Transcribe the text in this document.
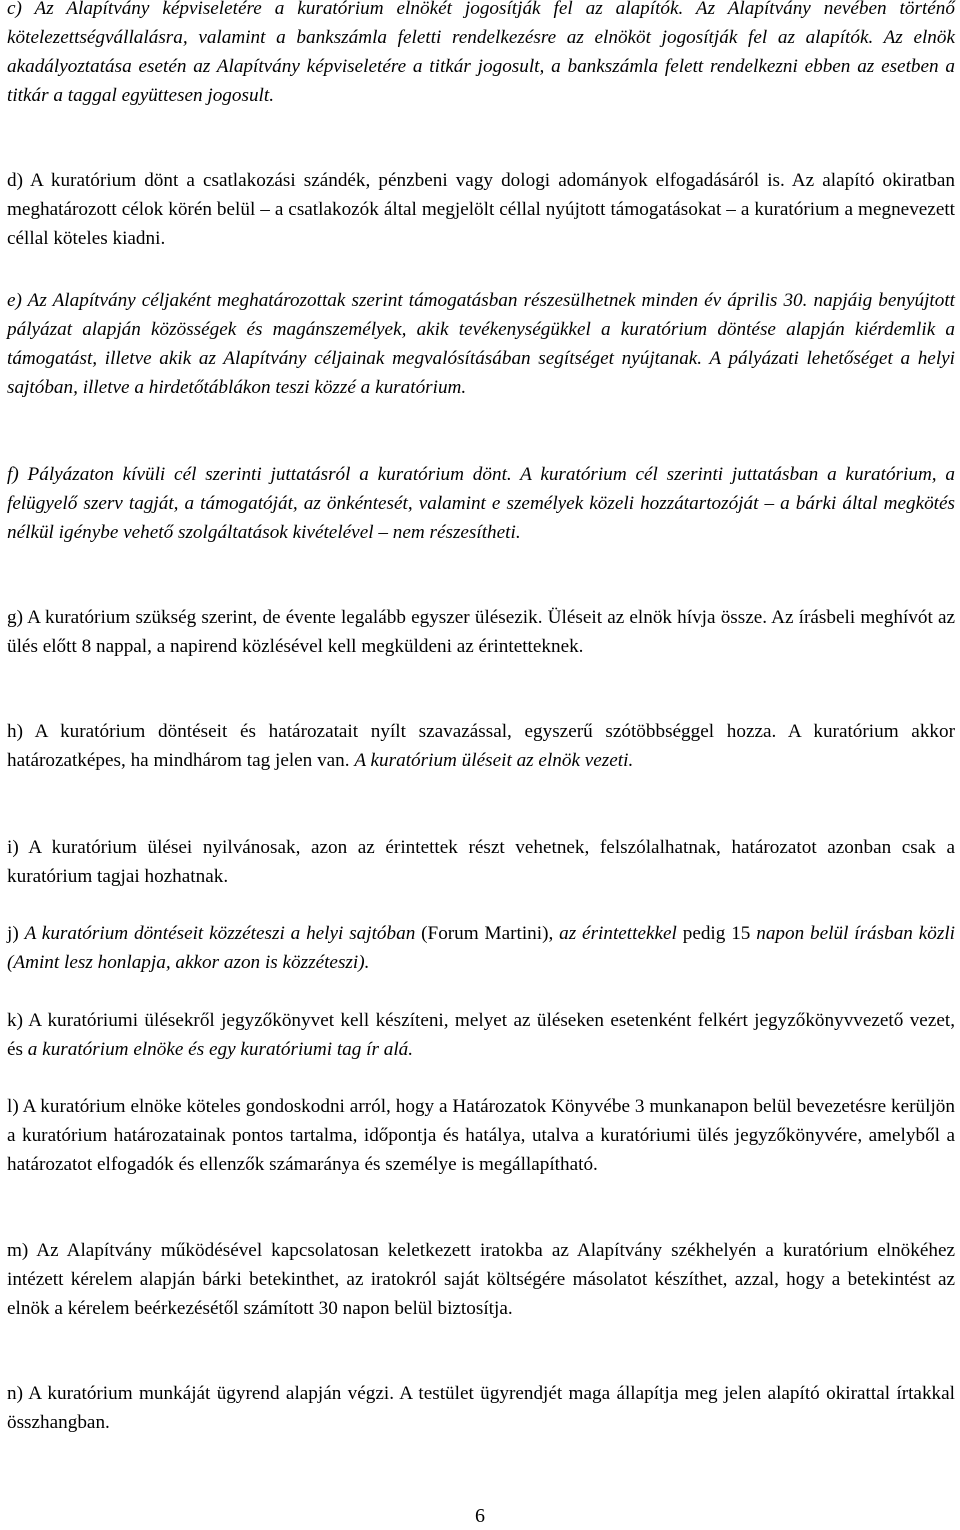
c) Az Alapítvány képviseletére a kuratórium elnökét jogosítják fel az alapítók. Az Alapítvány nevében történő kötelezettségvállalásra, valamint a bankszámla feletti rendelkezésre az elnököt jogosítják fel az alapítók. Az elnök akadályoztatása esetén az Alapítvány képviseletére a titkár jogosult, a bankszámla felett rendelkezni ebben az esetben a titkár a taggal együttesen jogosult.

d) A kuratórium dönt a csatlakozási szándék, pénzbeni vagy dologi adományok elfogadásáról is. Az alapító okiratban meghatározott célok körén belül – a csatlakozók által megjelölt céllal nyújtott támogatásokat – a kuratórium a megnevezett céllal köteles kiadni.

e) Az Alapítvány céljaként meghatározottak szerint támogatásban részesülhetnek minden év április 30. napjáig benyújtott pályázat alapján közösségek és magánszemélyek, akik tevékenységükkel a kuratórium döntése alapján kiérdemlik a támogatást, illetve akik az Alapítvány céljainak megvalósításában segítséget nyújtanak. A pályázati lehetőséget a helyi sajtóban, illetve a hirdetőtáblákon teszi közzé a kuratórium.

f) Pályázaton kívüli cél szerinti juttatásról a kuratórium dönt. A kuratórium cél szerinti juttatásban a kuratórium, a felügyelő szerv tagját, a támogatóját, az önkéntesét, valamint e személyek közeli hozzátartozóját – a bárki által megkötés nélkül igénybe vehető szolgáltatások kivételével – nem részesítheti.

g) A kuratórium szükség szerint, de évente legalább egyszer ülésezik. Üléseit az elnök hívja össze. Az írásbeli meghívót az ülés előtt 8 nappal, a napirend közlésével kell megküldeni az érintetteknek.

h) A kuratórium döntéseit és határozatait nyílt szavazással, egyszerű szótöbbséggel hozza. A kuratórium akkor határozatképes, ha mindhárom tag jelen van. A kuratórium üléseit az elnök vezeti.

i) A kuratórium ülései nyilvánosak, azon az érintettek részt vehetnek, felszólalhatnak, határozatot azonban csak a kuratórium tagjai hozhatnak.

j) A kuratórium döntéseit közzéteszi a helyi sajtóban (Forum Martini), az érintettekkel pedig 15 napon belül írásban közli (Amint lesz honlapja, akkor azon is közzéteszi).

k) A kuratóriumi ülésekről jegyzőkönyvet kell készíteni, melyet az üléseken esetenként felkért jegyzőkönyvvezető vezet, és a kuratórium elnöke és egy kuratóriumi tag ír alá.

l) A kuratórium elnöke köteles gondoskodni arról, hogy a Határozatok Könyvébe 3 munkanapon belül bevezetésre kerüljön a kuratórium határozatainak pontos tartalma, időpontja és hatálya, utalva a kuratóriumi ülés jegyzőkönyvére, amelyből a határozatot elfogadók és ellenzők számaránya és személye is megállapítható.

m) Az Alapítvány működésével kapcsolatosan keletkezett iratokba az Alapítvány székhelyén a kuratórium elnökéhez intézett kérelem alapján bárki betekinthet, az iratokról saját költségére másolatot készíthet, azzal, hogy a betekintést az elnök a kérelem beérkezésétől számított 30 napon belül biztosítja.

n) A kuratórium munkáját ügyrend alapján végzi. A testület ügyrendjét maga állapítja meg jelen alapító okirattal írtakkal összhangban.

6
